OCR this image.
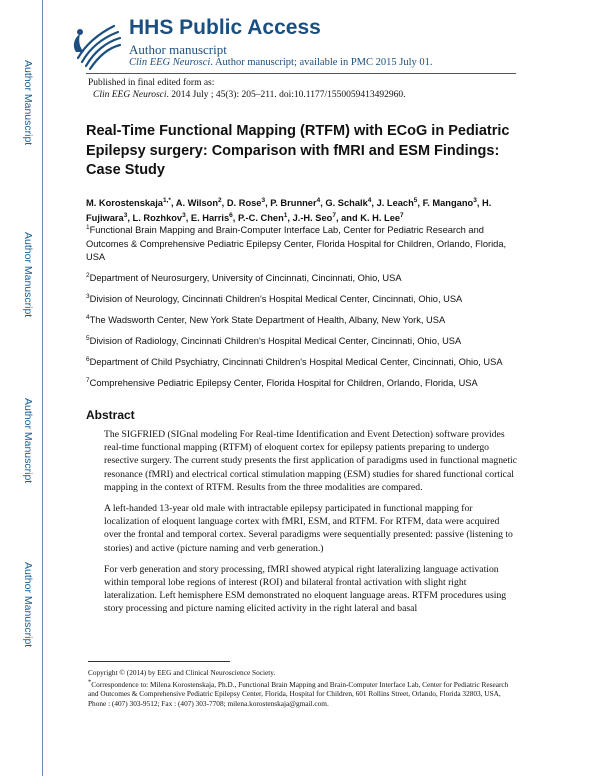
Author Manuscript
Author Manuscript
Author Manuscript
Author Manuscript
HHS Public Access
Author manuscript
Clin EEG Neurosci. Author manuscript; available in PMC 2015 July 01.
Published in final edited form as:
Clin EEG Neurosci. 2014 July ; 45(3): 205–211. doi:10.1177/1550059413492960.
Real-Time Functional Mapping (RTFM) with ECoG in Pediatric Epilepsy surgery: Comparison with fMRI and ESM Findings: Case Study
M. Korostenskaja$^{1,*}$, A. Wilson$^2$, D. Rose$^3$, P. Brunner$^4$, G. Schalk$^4$, J. Leach$^5$, F. Mangano$^3$, H. Fujiwara$^3$, L. Rozhkov$^3$, E. Harris$^6$, P.-C. Chen$^1$, J.-H. Seo$^7$, and K. H. Lee$^7$

$^1$Functional Brain Mapping and Brain-Computer Interface Lab, Center for Pediatric Research and Outcomes & Comprehensive Pediatric Epilepsy Center, Florida Hospital for Children, Orlando, Florida, USA

$^2$Department of Neurosurgery, University of Cincinnati, Cincinnati, Ohio, USA

$^3$Division of Neurology, Cincinnati Children's Hospital Medical Center, Cincinnati, Ohio, USA

$^4$The Wadsworth Center, New York State Department of Health, Albany, New York, USA

$^5$Division of Radiology, Cincinnati Children's Hospital Medical Center, Cincinnati, Ohio, USA

$^6$Department of Child Psychiatry, Cincinnati Children's Hospital Medical Center, Cincinnati, Ohio, USA

$^7$Comprehensive Pediatric Epilepsy Center, Florida Hospital for Children, Orlando, Florida, USA

Abstract

The SIGFRIED (SIGnal modeling For Real-time Identification and Event Detection) software provides real-time functional mapping (RTFM) of eloquent cortex for epilepsy patients preparing to undergo resective surgery. The current study presents the first application of paradigms used in functional magnetic resonance (fMRI) and electrical cortical stimulation mapping (ESM) studies for shared functional cortical mapping in the context of RTFM. Results from the three modalities are compared.

A left-handed 13-year old male with intractable epilepsy participated in functional mapping for localization of eloquent language cortex with fMRI, ESM, and RTFM. For RTFM, data were acquired over the frontal and temporal cortex. Several paradigms were sequentially presented: passive (listening to stories) and active (picture naming and verb generation.)

For verb generation and story processing, fMRI showed atypical right lateralizing language activation within temporal lobe regions of interest (ROI) and bilateral frontal activation with slight right lateralization. Left hemisphere ESM demonstrated no eloquent language areas. RTFM procedures using story processing and picture naming elicited activity in the right lateral and basal

Copyright © (2014) by EEG and Clinical Neuroscience Society.

*Correspondence to: Milena Korostenskaja, Ph.D., Functional Brain Mapping and Brain-Computer Interface Lab, Center for Pediatric Research and Outcomes & Comprehensive Pediatric Epilepsy Center, Florida, Hospital for Children, 601 Rollins Street, Orlando, Florida 32803, USA, Phone : (407) 303-9512; Fax : (407) 303-7708; milena.korostenskaja@gmail.com.
